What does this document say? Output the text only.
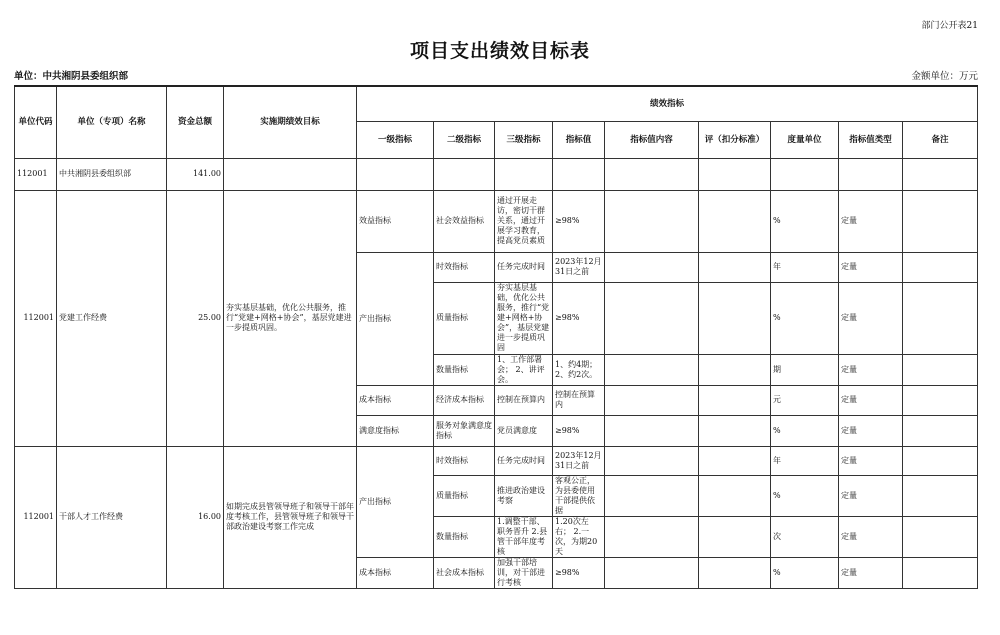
部门公开表21
项目支出绩效目标表
单位：中共湘阴县委组织部	金额单位：万元
单位代码	单位（专项）名称	资金总额	实施期绩效目标	绩效指标								
				一级指标	二级指标	三级指标	指标值	指标值内容	评（扣分标准）	度量单位	指标值类型	备注
112001	中共湘阴县委组织部	141.00										
112001	党建工作经费	25.00	夯实基层基础，优化公共服务，推行“党建+网格+协会”，基层党建进一步提质巩固。	效益指标	社会效益指标	通过开展走访，密切干群关系，通过开展学习教育，提高党员素质	≥98%			%	定量	
				产出指标	时效指标	任务完成时间	2023年12月31日之前			年	定量	
					质量指标	夯实基层基础，优化公共服务，推行“党建+网格+协会”，基层党建进一步提质巩固	≥98%			%	定量	
					数量指标	1、工作部署会； 2、讲评会。	1、约4期；2、约2次。			期	定量	
				成本指标	经济成本指标	控制在预算内	控制在预算内			元	定量	
				满意度指标	服务对象满意度指标	党员满意度	≥98%			%	定量	
112001	干部人才工作经费	16.00	如期完成县管领导班子和领导干部年度考核工作，县管领导班子和领导干部政治建设考察工作完成	产出指标	时效指标	任务完成时间	2023年12月31日之前			年	定量	
					质量指标	推进政治建设考察	客观公正，为县委使用干部提供依据			%	定量	
					数量指标	1.调整干部、职务晋升 2.县管干部年度考核	1.20次左右； 2.一次，为期20天			次	定量	
				成本指标	社会成本指标	加强干部培训，对干部进行考核	≥98%			%	定量	
